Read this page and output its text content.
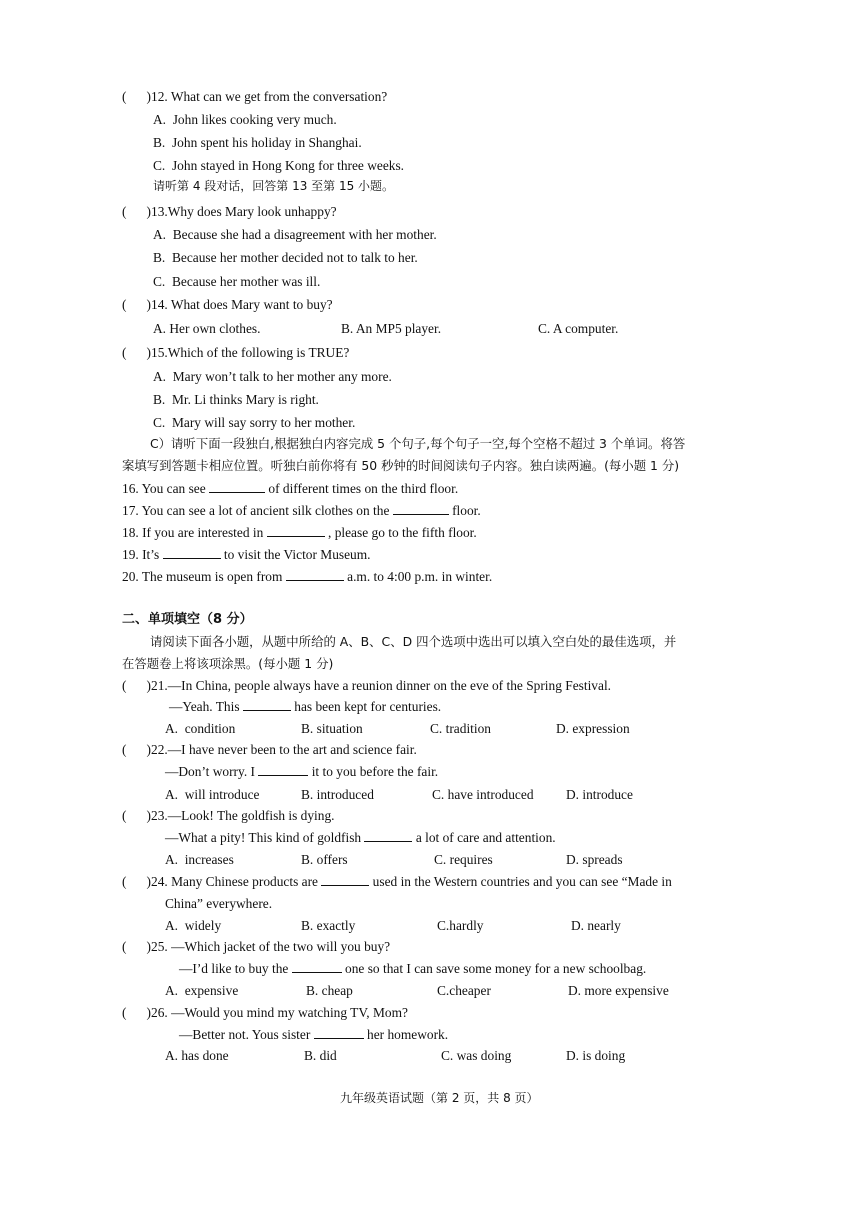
(      )12. What can we get from the conversation?
A.  John likes cooking very much.
B.  John spent his holiday in Shanghai.
C.  John stayed in Hong Kong for three weeks.
请听第 4 段对话，回答第 13 至第 15 小题。
(      )13.Why does Mary look unhappy?
A.  Because she had a disagreement with her mother.
B.  Because her mother decided not to talk to her.
C.  Because her mother was ill.
(      )14. What does Mary want to buy?
A. Her own clothes.	B. An MP5 player.	C. A computer.
(      )15.Which of the following is TRUE?
A.  Mary won’t talk to her mother any more.
B.  Mr. Li thinks Mary is right.
C.  Mary will say sorry to her mother.
C）请听下面一段独白,根据独白内容完成 5 个句子,每个句子一空,每个空格不超过 3 个单词。将答
案填写到答题卡相应位置。听独白前你将有 50 秒钟的时间阅读句子内容。独白读两遍。(每小题 1 分)
16. You can see	of different times on the third floor.
17. You can see a lot of ancient silk clothes on the	floor.
18. If you are interested in	, please go to the fifth floor.
19. It’s	to visit the Victor Museum.
20. The museum is open from	a.m. to 4:00 p.m. in winter.
二、单项填空（8 分）
请阅读下面各小题，从题中所给的 A、B、C、D 四个选项中选出可以填入空白处的最佳选项，并
在答题卷上将该项涂黑。(每小题 1 分)
(      )21.—In China, people always have a reunion dinner on the eve of the Spring Festival.
—Yeah. This	has been kept for centuries.
A.  condition	B. situation	C. tradition	D. expression
(      )22.—I have never been to the art and science fair.
—Don’t worry. I	it to you before the fair.
A.  will introduce	B. introduced	C. have introduced D. introduce
(      )23.—Look! The goldfish is dying.
—What a pity! This kind of goldfish	a lot of care and attention.
A.  increases	B. offers	C. requires	D. spreads
(      )24. Many Chinese products are	used in the Western countries and you can see “Made in
China” everywhere.
A.  widely	B. exactly	C.hardly	D. nearly
(      )25. —Which jacket of the two will you buy?
—I’d like to buy the	one so that I can save some money for a new schoolbag.
A.  expensive	B. cheap	C.cheaper	D. more expensive
(      )26. —Would you mind my watching TV, Mom?
—Better not. Yous sister	her homework.
A. has done	B. did	C. was doing	D. is doing
九年级英语试题（第 2 页，共 8 页）
